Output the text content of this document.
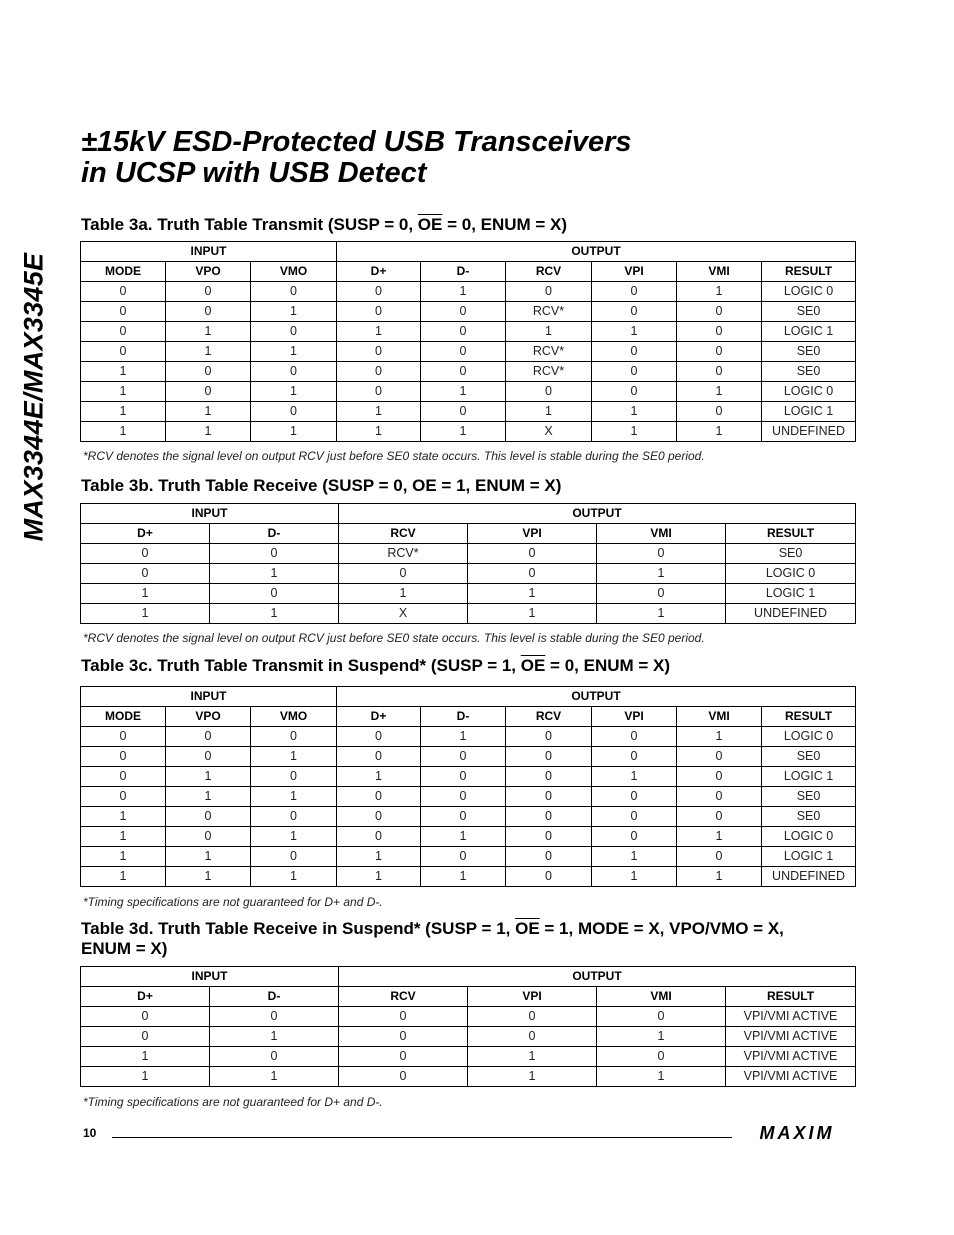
MAX3344E/MAX3345E
±15kV ESD-Protected USB Transceivers
in UCSP with USB Detect
Table 3a. Truth Table Transmit (SUSP = 0, OE = 0, ENUM = X)
INPUT			OUTPUT					
MODE	VPO	VMO	D+	D-	RCV	VPI	VMI	RESULT
0	0	0	0	1	0	0	1	LOGIC 0
0	0	1	0	0	RCV*	0	0	SE0
0	1	0	1	0	1	1	0	LOGIC 1
0	1	1	0	0	RCV*	0	0	SE0
1	0	0	0	0	RCV*	0	0	SE0
1	0	1	0	1	0	0	1	LOGIC 0
1	1	0	1	0	1	1	0	LOGIC 1
1	1	1	1	1	X	1	1	UNDEFINED

*RCV denotes the signal level on output RCV just before SE0 state occurs. This level is stable during the SE0 period.

Table 3b. Truth Table Receive (SUSP = 0, OE = 1, ENUM = X)
INPUT		OUTPUT			
D+	D-	RCV	VPI	VMI	RESULT
0	0	RCV*	0	0	SE0
0	1	0	0	1	LOGIC 0
1	0	1	1	0	LOGIC 1
1	1	X	1	1	UNDEFINED

*RCV denotes the signal level on output RCV just before SE0 state occurs. This level is stable during the SE0 period.

Table 3c. Truth Table Transmit in Suspend* (SUSP = 1, OE = 0, ENUM = X)
INPUT			OUTPUT					
MODE	VPO	VMO	D+	D-	RCV	VPI	VMI	RESULT
0	0	0	0	1	0	0	1	LOGIC 0
0	0	1	0	0	0	0	0	SE0
0	1	0	1	0	0	1	0	LOGIC 1
0	1	1	0	0	0	0	0	SE0
1	0	0	0	0	0	0	0	SE0
1	0	1	0	1	0	0	1	LOGIC 0
1	1	0	1	0	0	1	0	LOGIC 1
1	1	1	1	1	0	1	1	UNDEFINED

*Timing specifications are not guaranteed for D+ and D-.

Table 3d. Truth Table Receive in Suspend* (SUSP = 1, OE = 1, MODE = X, VPO/VMO = X,
ENUM = X)
INPUT		OUTPUT			
D+	D-	RCV	VPI	VMI	RESULT
0	0	0	0	0	VPI/VMI ACTIVE
0	1	0	0	1	VPI/VMI ACTIVE
1	0	0	1	0	VPI/VMI ACTIVE
1	1	0	1	1	VPI/VMI ACTIVE

*Timing specifications are not guaranteed for D+ and D-.

10	MAXIM
